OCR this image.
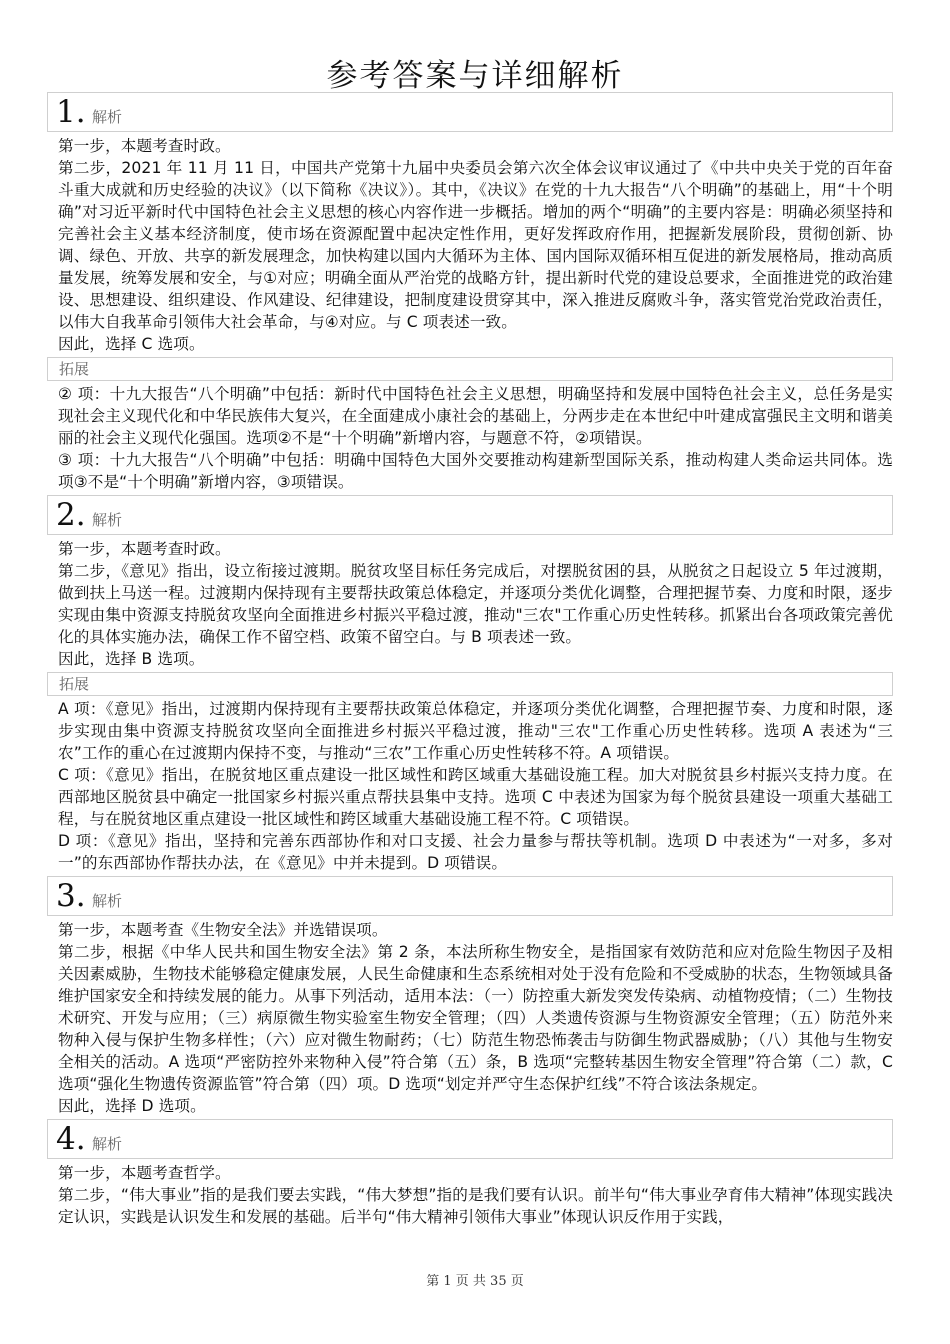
参考答案与详细解析
1. 解析

第一步，本题考查时政。

第二步，2021 年 11 月 11 日，中国共产党第十九届中央委员会第六次全体会议审议通过了《中共中央关于党的百年奋斗重大成就和历史经验的决议》（以下简称《决议》）。其中，《决议》在党的十九大报告“八个明确”的基础上，用“十个明确”对习近平新时代中国特色社会主义思想的核心内容作进一步概括。增加的两个“明确”的主要内容是：明确必须坚持和完善社会主义基本经济制度，使市场在资源配置中起决定性作用，更好发挥政府作用，把握新发展阶段，贯彻创新、协调、绿色、开放、共享的新发展理念，加快构建以国内大循环为主体、国内国际双循环相互促进的新发展格局，推动高质量发展，统筹发展和安全，与①对应；明确全面从严治党的战略方针，提出新时代党的建设总要求，全面推进党的政治建设、思想建设、组织建设、作风建设、纪律建设，把制度建设贯穿其中，深入推进反腐败斗争，落实管党治党政治责任，以伟大自我革命引领伟大社会革命，与④对应。与 C 项表述一致。

因此，选择 C 选项。

拓展

② 项：十九大报告“八个明确”中包括：新时代中国特色社会主义思想，明确坚持和发展中国特色社会主义，总任务是实现社会主义现代化和中华民族伟大复兴，在全面建成小康社会的基础上，分两步走在本世纪中叶建成富强民主文明和谐美丽的社会主义现代化强国。选项②不是“十个明确”新增内容，与题意不符，②项错误。

③ 项：十九大报告“八个明确”中包括：明确中国特色大国外交要推动构建新型国际关系，推动构建人类命运共同体。选项③不是“十个明确”新增内容，③项错误。

2. 解析

第一步，本题考查时政。

第二步，《意见》指出，设立衔接过渡期。脱贫攻坚目标任务完成后，对摆脱贫困的县，从脱贫之日起设立 5 年过渡期，做到扶上马送一程。过渡期内保持现有主要帮扶政策总体稳定，并逐项分类优化调整，合理把握节奏、力度和时限，逐步实现由集中资源支持脱贫攻坚向全面推进乡村振兴平稳过渡，推动"三农"工作重心历史性转移。抓紧出台各项政策完善优化的具体实施办法，确保工作不留空档、政策不留空白。与 B 项表述一致。

因此，选择 B 选项。

拓展

A 项：《意见》指出，过渡期内保持现有主要帮扶政策总体稳定，并逐项分类优化调整，合理把握节奏、力度和时限，逐步实现由集中资源支持脱贫攻坚向全面推进乡村振兴平稳过渡，推动"三农"工作重心历史性转移。选项 A 表述为“三农”工作的重心在过渡期内保持不变，与推动“三农”工作重心历史性转移不符。A 项错误。

C 项：《意见》指出，在脱贫地区重点建设一批区域性和跨区域重大基础设施工程。加大对脱贫县乡村振兴支持力度。在西部地区脱贫县中确定一批国家乡村振兴重点帮扶县集中支持。选项 C 中表述为国家为每个脱贫县建设一项重大基础工程，与在脱贫地区重点建设一批区域性和跨区域重大基础设施工程不符。C 项错误。

D 项：《意见》指出，坚持和完善东西部协作和对口支援、社会力量参与帮扶等机制。选项 D 中表述为“一对多，多对一”的东西部协作帮扶办法，在《意见》中并未提到。D 项错误。

3. 解析

第一步，本题考查《生物安全法》并选错误项。

第二步，根据《中华人民共和国生物安全法》第 2 条，本法所称生物安全，是指国家有效防范和应对危险生物因子及相关因素威胁，生物技术能够稳定健康发展，人民生命健康和生态系统相对处于没有危险和不受威胁的状态，生物领域具备维护国家安全和持续发展的能力。从事下列活动，适用本法：（一）防控重大新发突发传染病、动植物疫情；（二）生物技术研究、开发与应用；（三）病原微生物实验室生物安全管理；（四）人类遗传资源与生物资源安全管理；（五）防范外来物种入侵与保护生物多样性；（六）应对微生物耐药；（七）防范生物恐怖袭击与防御生物武器威胁；（八）其他与生物安全相关的活动。A 选项“严密防控外来物种入侵”符合第（五）条，B 选项“完整转基因生物安全管理”符合第（二）款，C 选项“强化生物遗传资源监管”符合第（四）项。D 选项“划定并严守生态保护红线”不符合该法条规定。

因此，选择 D 选项。

4. 解析

第一步，本题考查哲学。

第二步，“伟大事业”指的是我们要去实践，“伟大梦想”指的是我们要有认识。前半句“伟大事业孕育伟大精神”体现实践决定认识，实践是认识发生和发展的基础。后半句“伟大精神引领伟大事业”体现认识反作用于实践，

第 1 页 共 35 页
